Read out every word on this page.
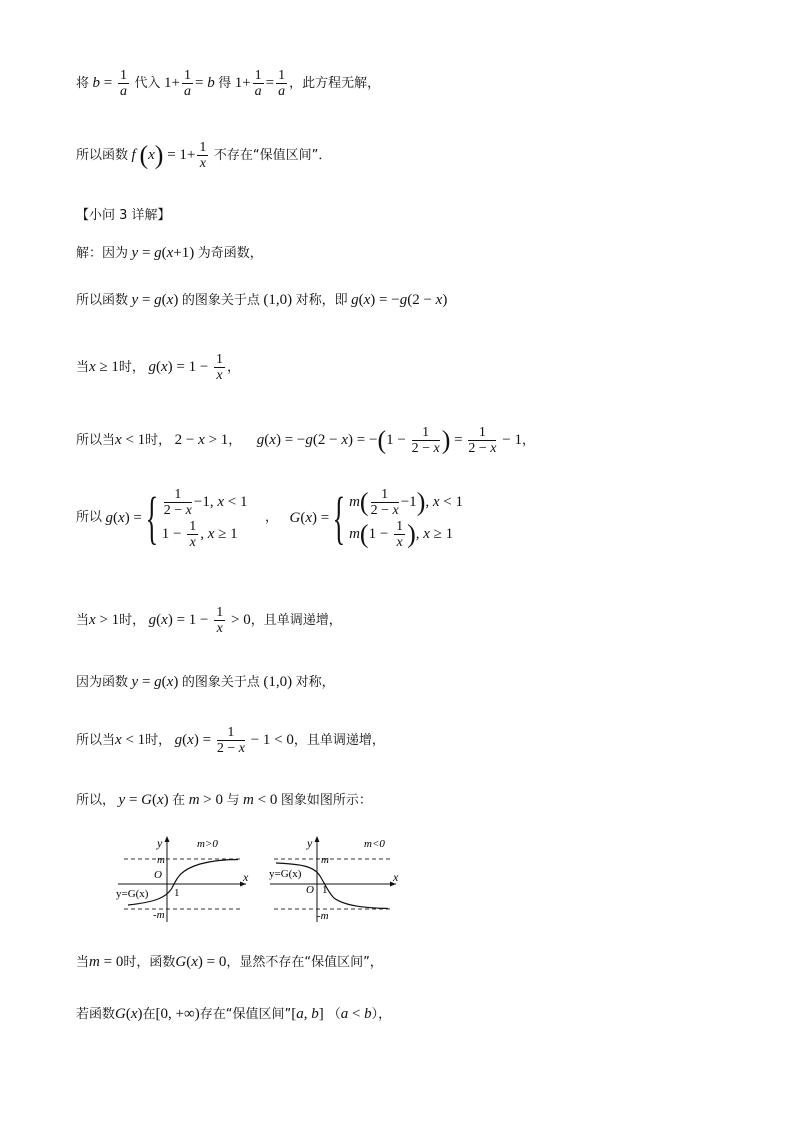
将 $b = \frac{1}{a}$ 代入 $1+ \frac{1}{a} = b$ 得 $1+ \frac{1}{a} = \frac{1}{a}$ ，此方程无解，
所以函数 f $(x) = 1+ \frac{1}{x}$ 不存在“保值区间”．
【小问 3 详解】
解：因为 y = g(x+1) 为奇函数，
所以函数 y = g(x) 的图象关于点 (1,0) 对称，即 g(x) = −g(2 − x)
当x ≥ 1时， $g(x) = 1 - \frac{1}{x}$ ，
所以当x < 1时， 2 − x > 1， $g(x) = -g(2 - x) = -(1 - \frac{1}{2 - x}$ ) = $\frac{1}{2 - x} - 1$，
所以 g(x) ={ $\frac{1}{2 - x} -1$, x < 1
$1 - \frac{1}{x}$ , x ≥ 1
， G(x) ={ $m( \frac{1}{2 - x} -1)$, x < 1
$m(1 - \frac{1}{x}$ ), x ≥ 1
当x > 1时， $g(x) = 1 - \frac{1}{x} > 0$，且单调递增，
因为函数 y = g(x) 的图象关于点 (1,0) 对称，
所以当x < 1时， $g(x) = \frac{1}{2 - x} - 1 < 0$，且单调递增，
所以， y = G(x) 在 m > 0 与 m < 0 图象如图所示：
y
x
m
O
-m
1
y=G(x)
m>0	y
x
m
O
-m
1
y=G(x)
m<0
当m = 0时，函数G(x) = 0，显然不存在“保值区间”，
若函数G(x)在[0, +∞)存在“保值区间”[a, b] （a < b），
